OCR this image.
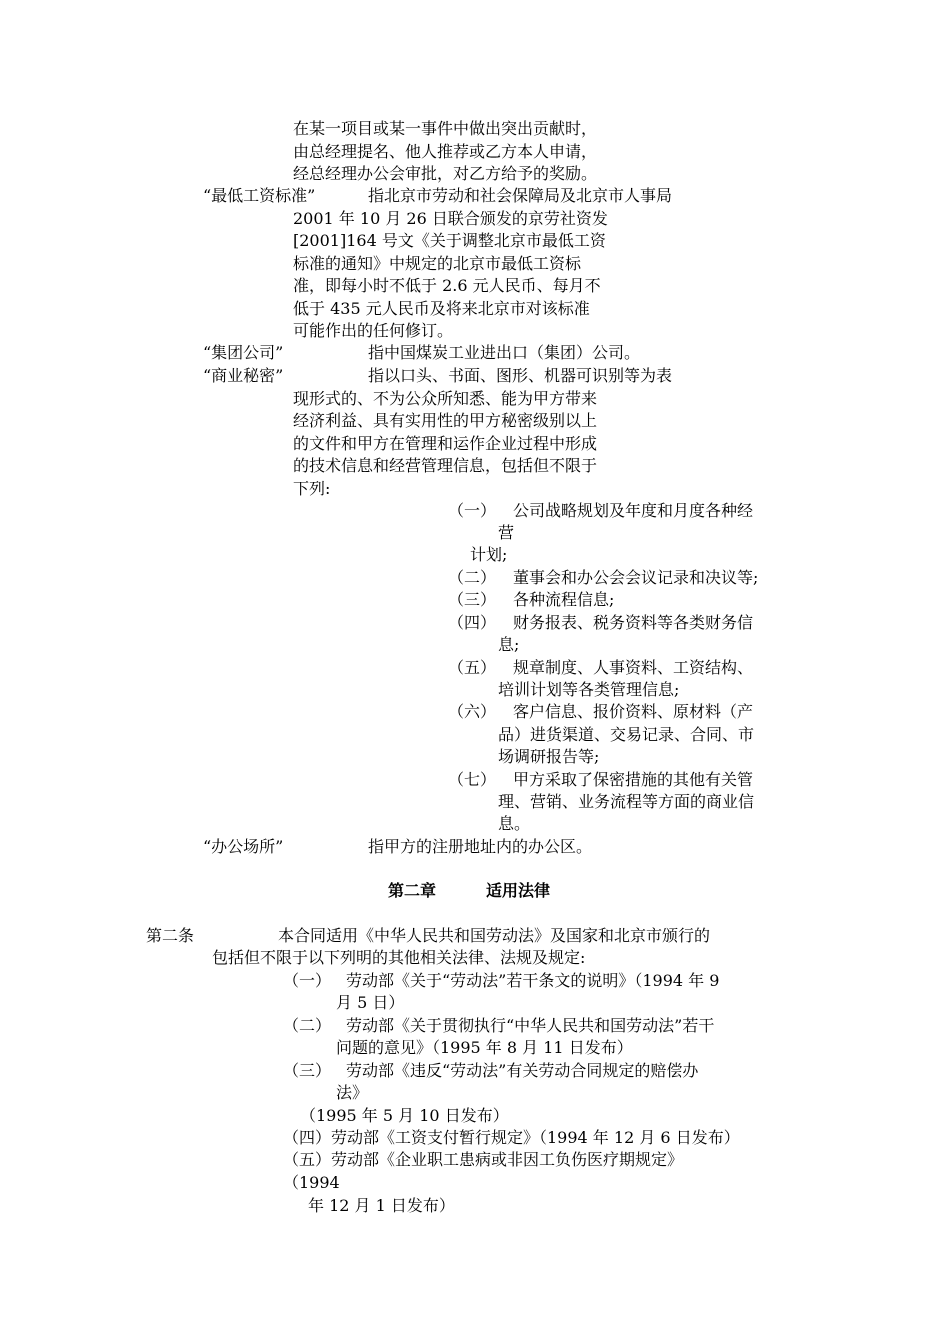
在某一项目或某一事件中做出突出贡献时，
由总经理提名、他人推荐或乙方本人申请，
经总经理办公会审批，对乙方给予的奖励。
“最低工资标准”	指北京市劳动和社会保障局及北京市人事局
2001 年 10 月 26 日联合颁发的京劳社资发
[2001]164 号文《关于调整北京市最低工资
标准的通知》中规定的北京市最低工资标
准，即每小时不低于 2.6 元人民币、每月不
低于 435 元人民币及将来北京市对该标准
可能作出的任何修订。
“集团公司”	指中国煤炭工业进出口（集团）公司。
“商业秘密”	指以口头、书面、图形、机器可识别等为表
现形式的、不为公众所知悉、能为甲方带来
经济利益、具有实用性的甲方秘密级别以上
的文件和甲方在管理和运作企业过程中形成
的技术信息和经营管理信息，包括但不限于
下列:
（一） 公司战略规划及年度和月度各种经
营
计划;
（二） 董事会和办公会会议记录和决议等;
（三） 各种流程信息;
（四） 财务报表、税务资料等各类财务信
息;
（五） 规章制度、人事资料、工资结构、
培训计划等各类管理信息;
（六） 客户信息、报价资料、原材料（产
品）进货渠道、交易记录、合同、市
场调研报告等;
（七） 甲方采取了保密措施的其他有关管
理、营销、业务流程等方面的商业信
息。
“办公场所”	指甲方的注册地址内的办公区。
第二章	适用法律
第二条	本合同适用《中华人民共和国劳动法》及国家和北京市颁行的
包括但不限于以下列明的其他相关法律、法规及规定:
（一） 劳动部《关于“劳动法”若干条文的说明》（1994 年 9
月 5 日）
（二） 劳动部《关于贯彻执行“中华人民共和国劳动法”若干
问题的意见》（1995 年 8 月 11 日发布）
（三） 劳动部《违反“劳动法”有关劳动合同规定的赔偿办
法》
（1995 年 5 月 10 日发布）
（四）劳动部《工资支付暂行规定》（1994 年 12 月 6 日发布）
（五）劳动部《企业职工患病或非因工负伤医疗期规定》
（1994
年 12 月 1 日发布）
